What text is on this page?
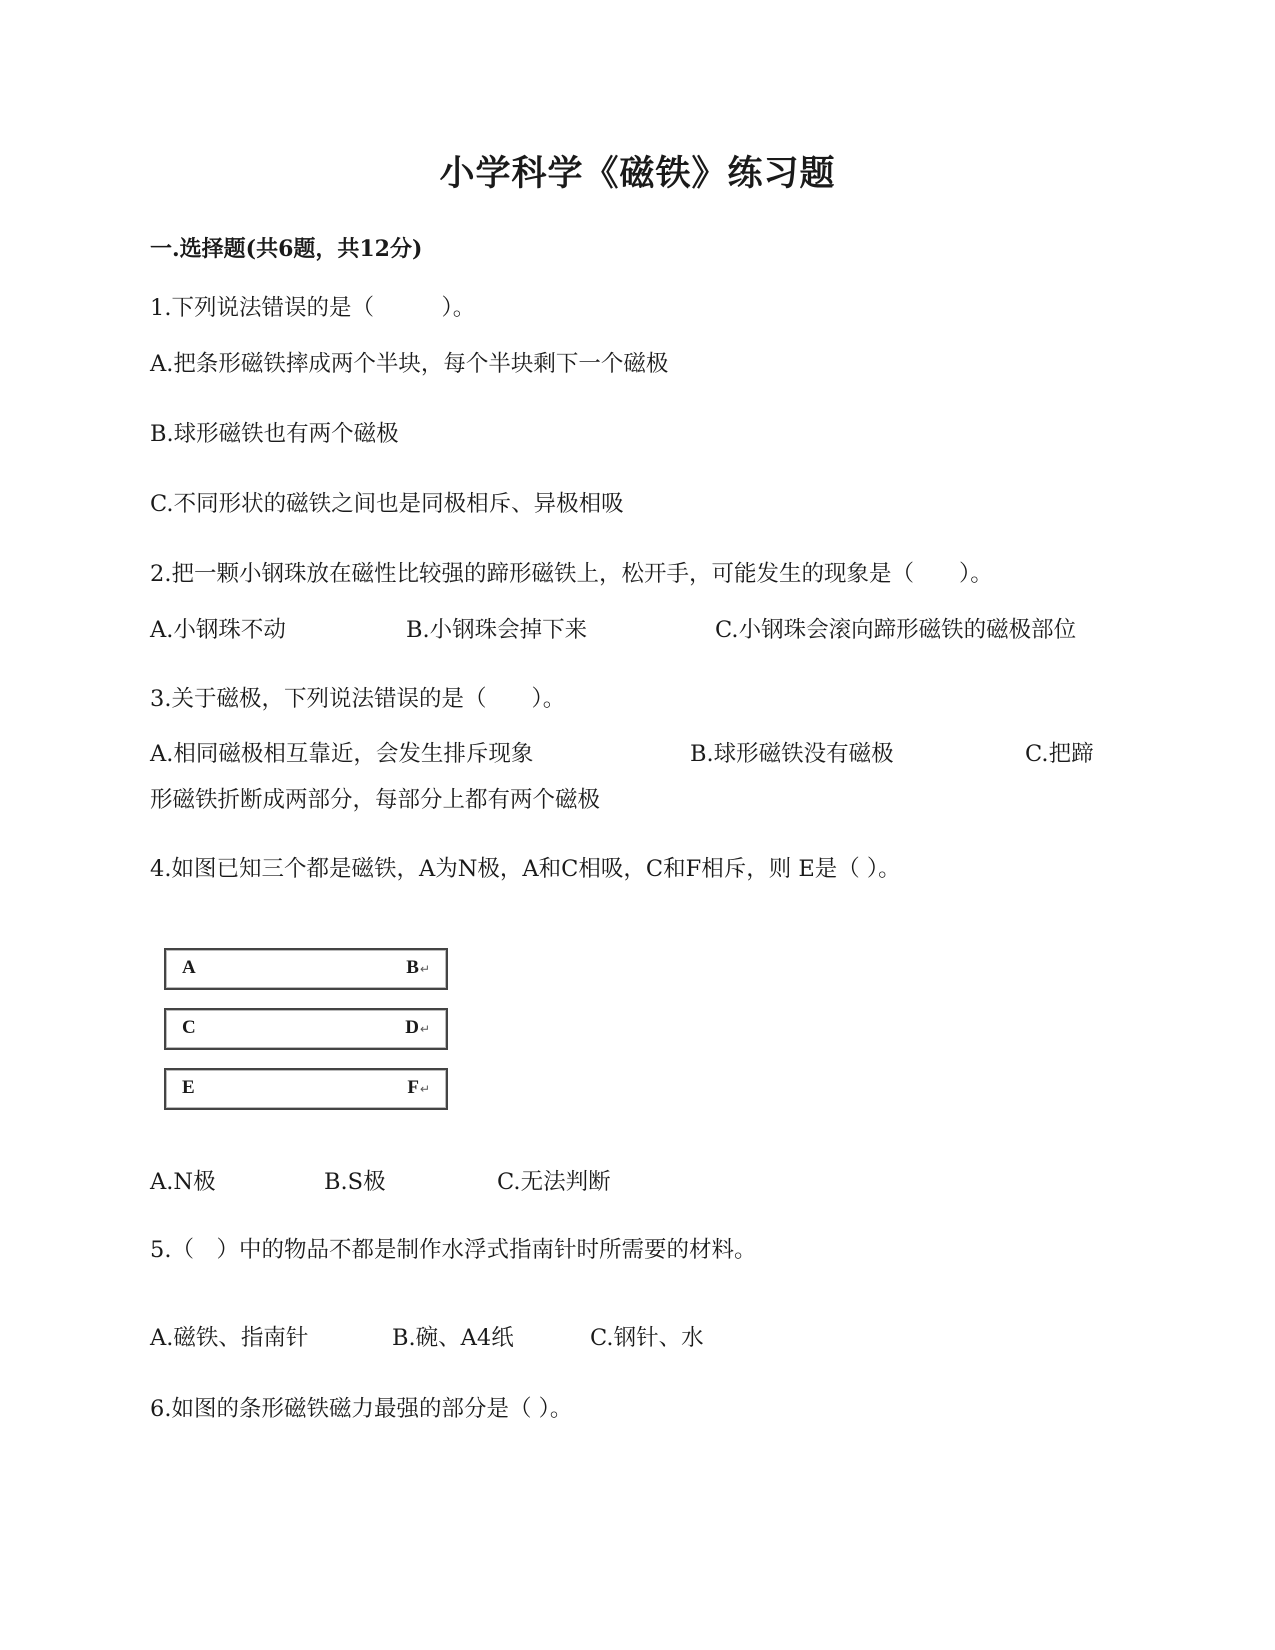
小学科学《磁铁》练习题
一.选择题(共6题，共12分)
1.下列说法错误的是（　　　）。
A.把条形磁铁摔成两个半块，每个半块剩下一个磁极
B.球形磁铁也有两个磁极
C.不同形状的磁铁之间也是同极相斥、异极相吸
2.把一颗小钢珠放在磁性比较强的蹄形磁铁上，松开手，可能发生的现象是（　　）。
A.小钢珠不动	B.小钢珠会掉下来	C.小钢珠会滚向蹄形磁铁的磁极部位
3.关于磁极，下列说法错误的是（　　）。
A.相同磁极相互靠近，会发生排斥现象	B.球形磁铁没有磁极	C.把蹄
形磁铁折断成两部分，每部分上都有两个磁极
4.如图已知三个都是磁铁，A为N极，A和C相吸，C和F相斥，则 E是（ ）。
A	B↵
C	D↵
E	F↵
A.N极	B.S极	C.无法判断
5.（　）中的物品不都是制作水浮式指南针时所需要的材料。
A.磁铁、指南针	B.碗、A4纸	C.钢针、水
6.如图的条形磁铁磁力最强的部分是（ ）。
